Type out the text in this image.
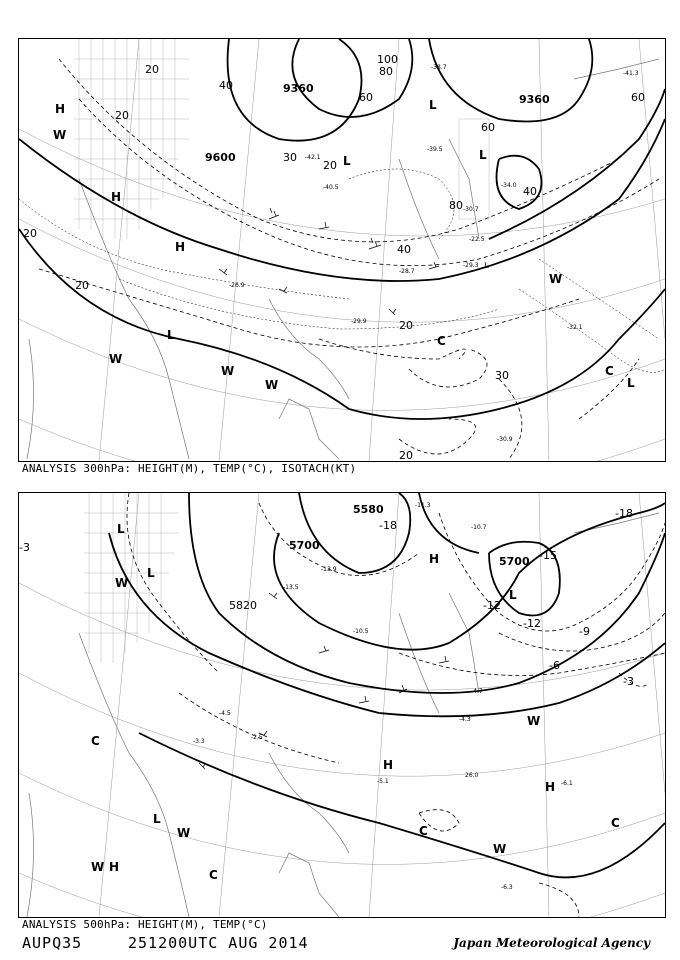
9360
9600
9360
20
40
60
80
100
20
30
40
60
80
20
20
20
20
30
20
60
40
H
H
H
L
L
L
L
C
W
W
W
W
W
C
L
-42.1
-40.5
-38.7
-39.5
-30.7
-29.3
-28.7
-26.9
-29.9
-32.1
-30.9
-41.3
-34.0
-22.5
ANALYSIS 300hPa: HEIGHT(M), TEMP(°C), ISOTACH(KT)
5580
5700
5700
5820
-18
-15
-12
-9
-6
-3
-3
-18
-12
L
L
H
L
W
C
W
H
H
C
L
W
W H
C
W
C
-11.3
-10.7
-13.5
-10.5
-4.7
-4.3
-5.1
-6.3
-6.1
-3.3
-4.5
-2.5
26.0
-13.9
ANALYSIS 500hPa: HEIGHT(M), TEMP(°C)
AUPQ35	251200UTC AUG 2014	Japan Meteorological Agency
